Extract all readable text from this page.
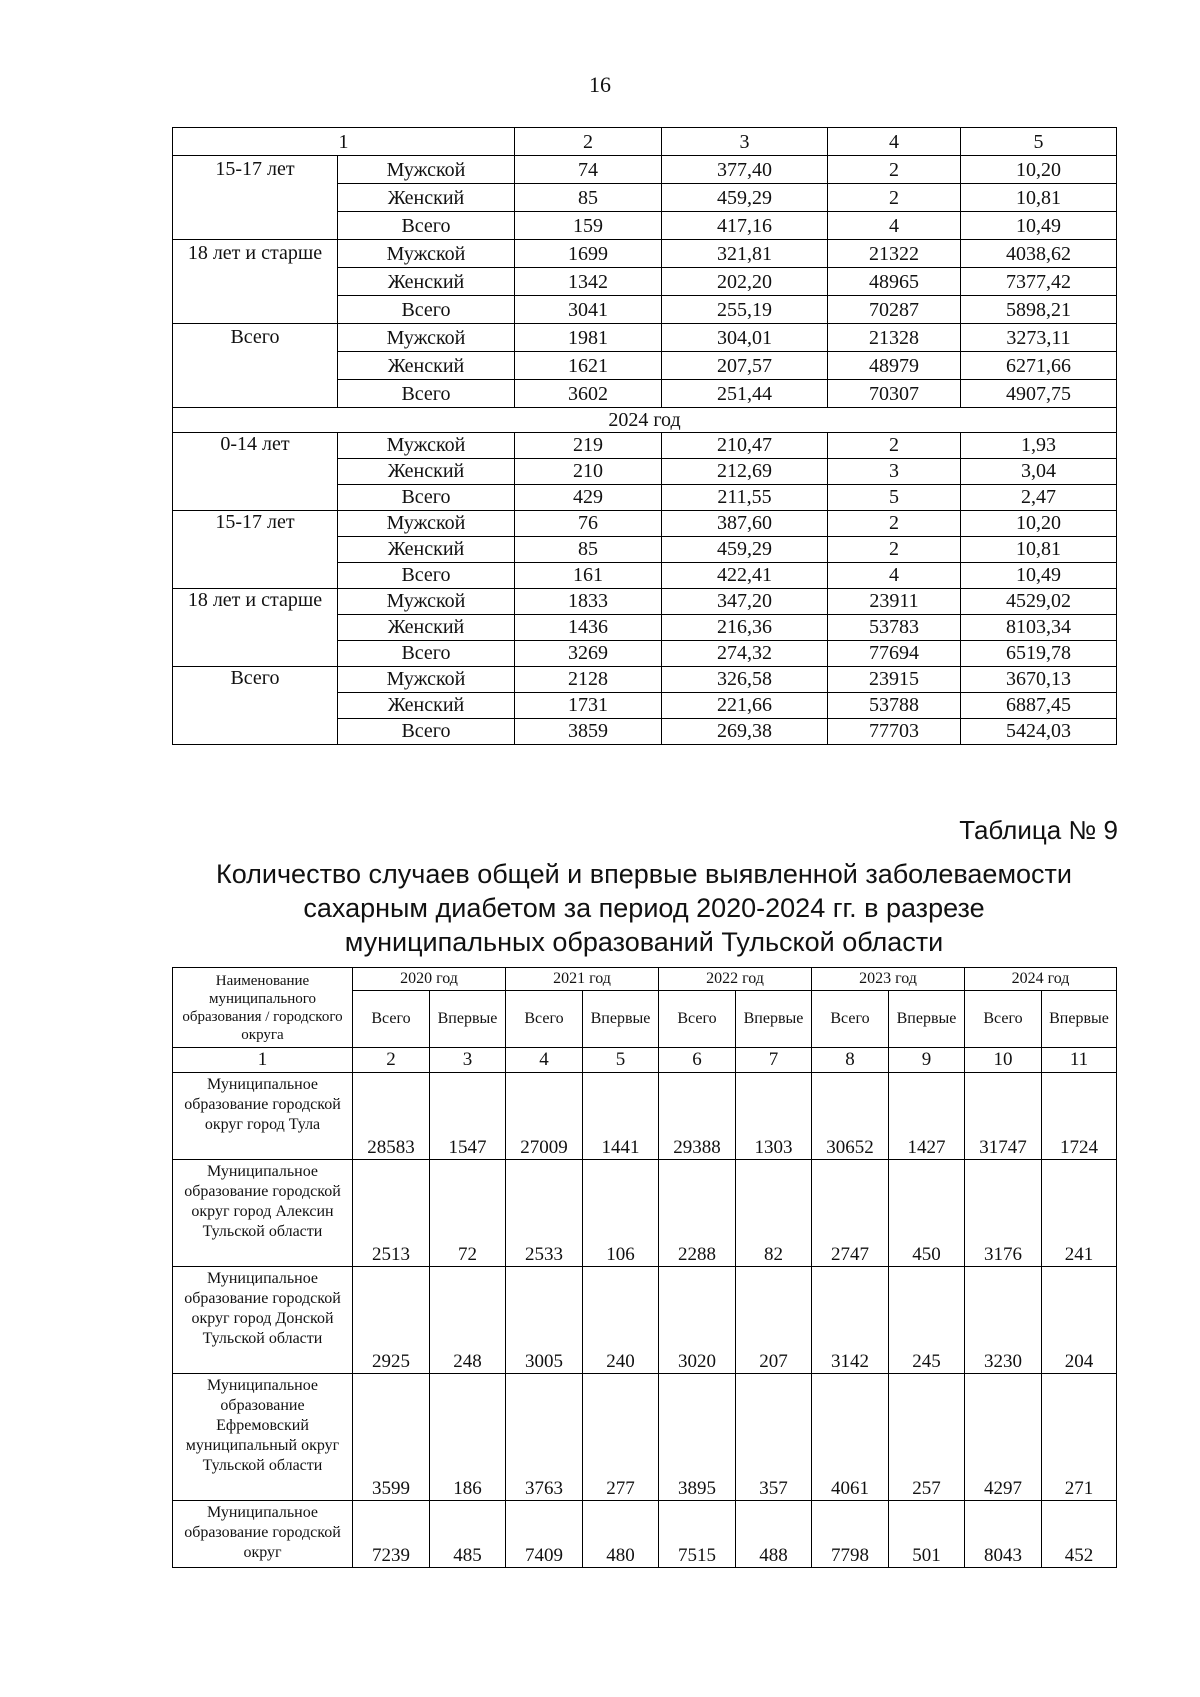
16
1		2	3	4	5
15-17 лет	Мужской	74	377,40	2	10,20
	Женский	85	459,29	2	10,81
	Всего	159	417,16	4	10,49
18 лет и старше	Мужской	1699	321,81	21322	4038,62
	Женский	1342	202,20	48965	7377,42
	Всего	3041	255,19	70287	5898,21
Всего	Мужской	1981	304,01	21328	3273,11
	Женский	1621	207,57	48979	6271,66
	Всего	3602	251,44	70307	4907,75
2024 год					
0-14 лет	Мужской	219	210,47	2	1,93
	Женский	210	212,69	3	3,04
	Всего	429	211,55	5	2,47
15-17 лет	Мужской	76	387,60	2	10,20
	Женский	85	459,29	2	10,81
	Всего	161	422,41	4	10,49
18 лет и старше	Мужской	1833	347,20	23911	4529,02
	Женский	1436	216,36	53783	8103,34
	Всего	3269	274,32	77694	6519,78
Всего	Мужской	2128	326,58	23915	3670,13
	Женский	1731	221,66	53788	6887,45
	Всего	3859	269,38	77703	5424,03
Таблица № 9
Количество случаев общей и впервые выявленной заболеваемости
сахарным диабетом за период 2020-2024 гг. в разрезе
муниципальных образований Тульской области
Наименование муниципального образования / городского округа	2020 год		2021 год		2022 год		2023 год		2024 год	
	Всего	Впервые	Всего	Впервые	Всего	Впервые	Всего	Впервые	Всего	Впервые
1	2	3	4	5	6	7	8	9	10	11
Муниципальное образование городской округ город Тула	28583	1547	27009	1441	29388	1303	30652	1427	31747	1724
Муниципальное образование городской округ город Алексин Тульской области	2513	72	2533	106	2288	82	2747	450	3176	241
Муниципальное образование городской округ город Донской Тульской области	2925	248	3005	240	3020	207	3142	245	3230	204
Муниципальное образование Ефремовский муниципальный округ Тульской области	3599	186	3763	277	3895	357	4061	257	4297	271
Муниципальное образование городской округ	7239	485	7409	480	7515	488	7798	501	8043	452
